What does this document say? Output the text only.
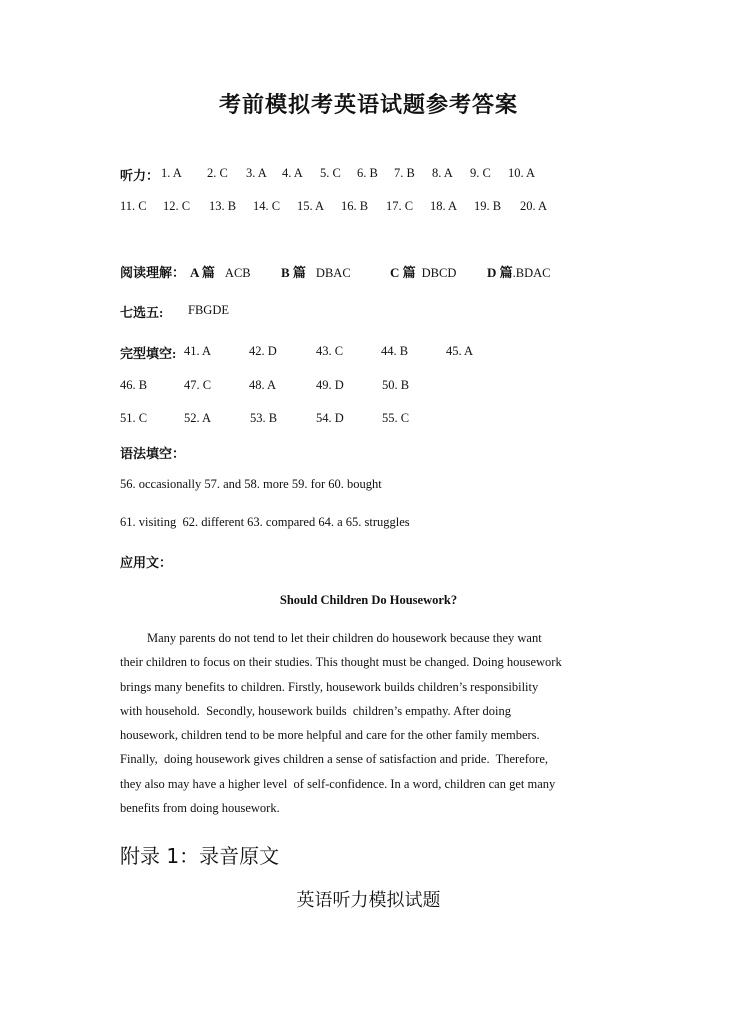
考前模拟考英语试题参考答案
听力： 1. A 2. C 3. A 4. A 5. C 6. B 7. B 8. A 9. C 10. A
11. C 12. C 13. B 14. C 15. A 16. B 17. C 18. A 19. B 20. A
阅读理解： A 篇 ACB B 篇 DBAC	C 篇 DBCD D 篇.BDAC
七选五: FBGDE
完型填空: 41. A	42. D	43. C	44. B	45. A
46. B	47. C	48. A	49. D	50. B
51. C	52. A	53. B	54. D	55. C
语法填空：
56. occasionally 57. and 58. more 59. for 60. bought
61. visiting  62. different 63. compared 64. a 65. struggles
应用文：
Should Children Do Housework?

Many parents do not tend to let their children do housework because they want

their children to focus on their studies. This thought must be changed. Doing housework

brings many benefits to children. Firstly, housework builds children’s responsibility

with household.  Secondly, housework builds  children’s empathy. After doing

housework, children tend to be more helpful and care for the other family members.

Finally,  doing housework gives children a sense of satisfaction and pride.  Therefore,

they also may have a higher level  of self-confidence. In a word, children can get many

benefits from doing housework.

附录 1：录音原文
英语听力模拟试题
